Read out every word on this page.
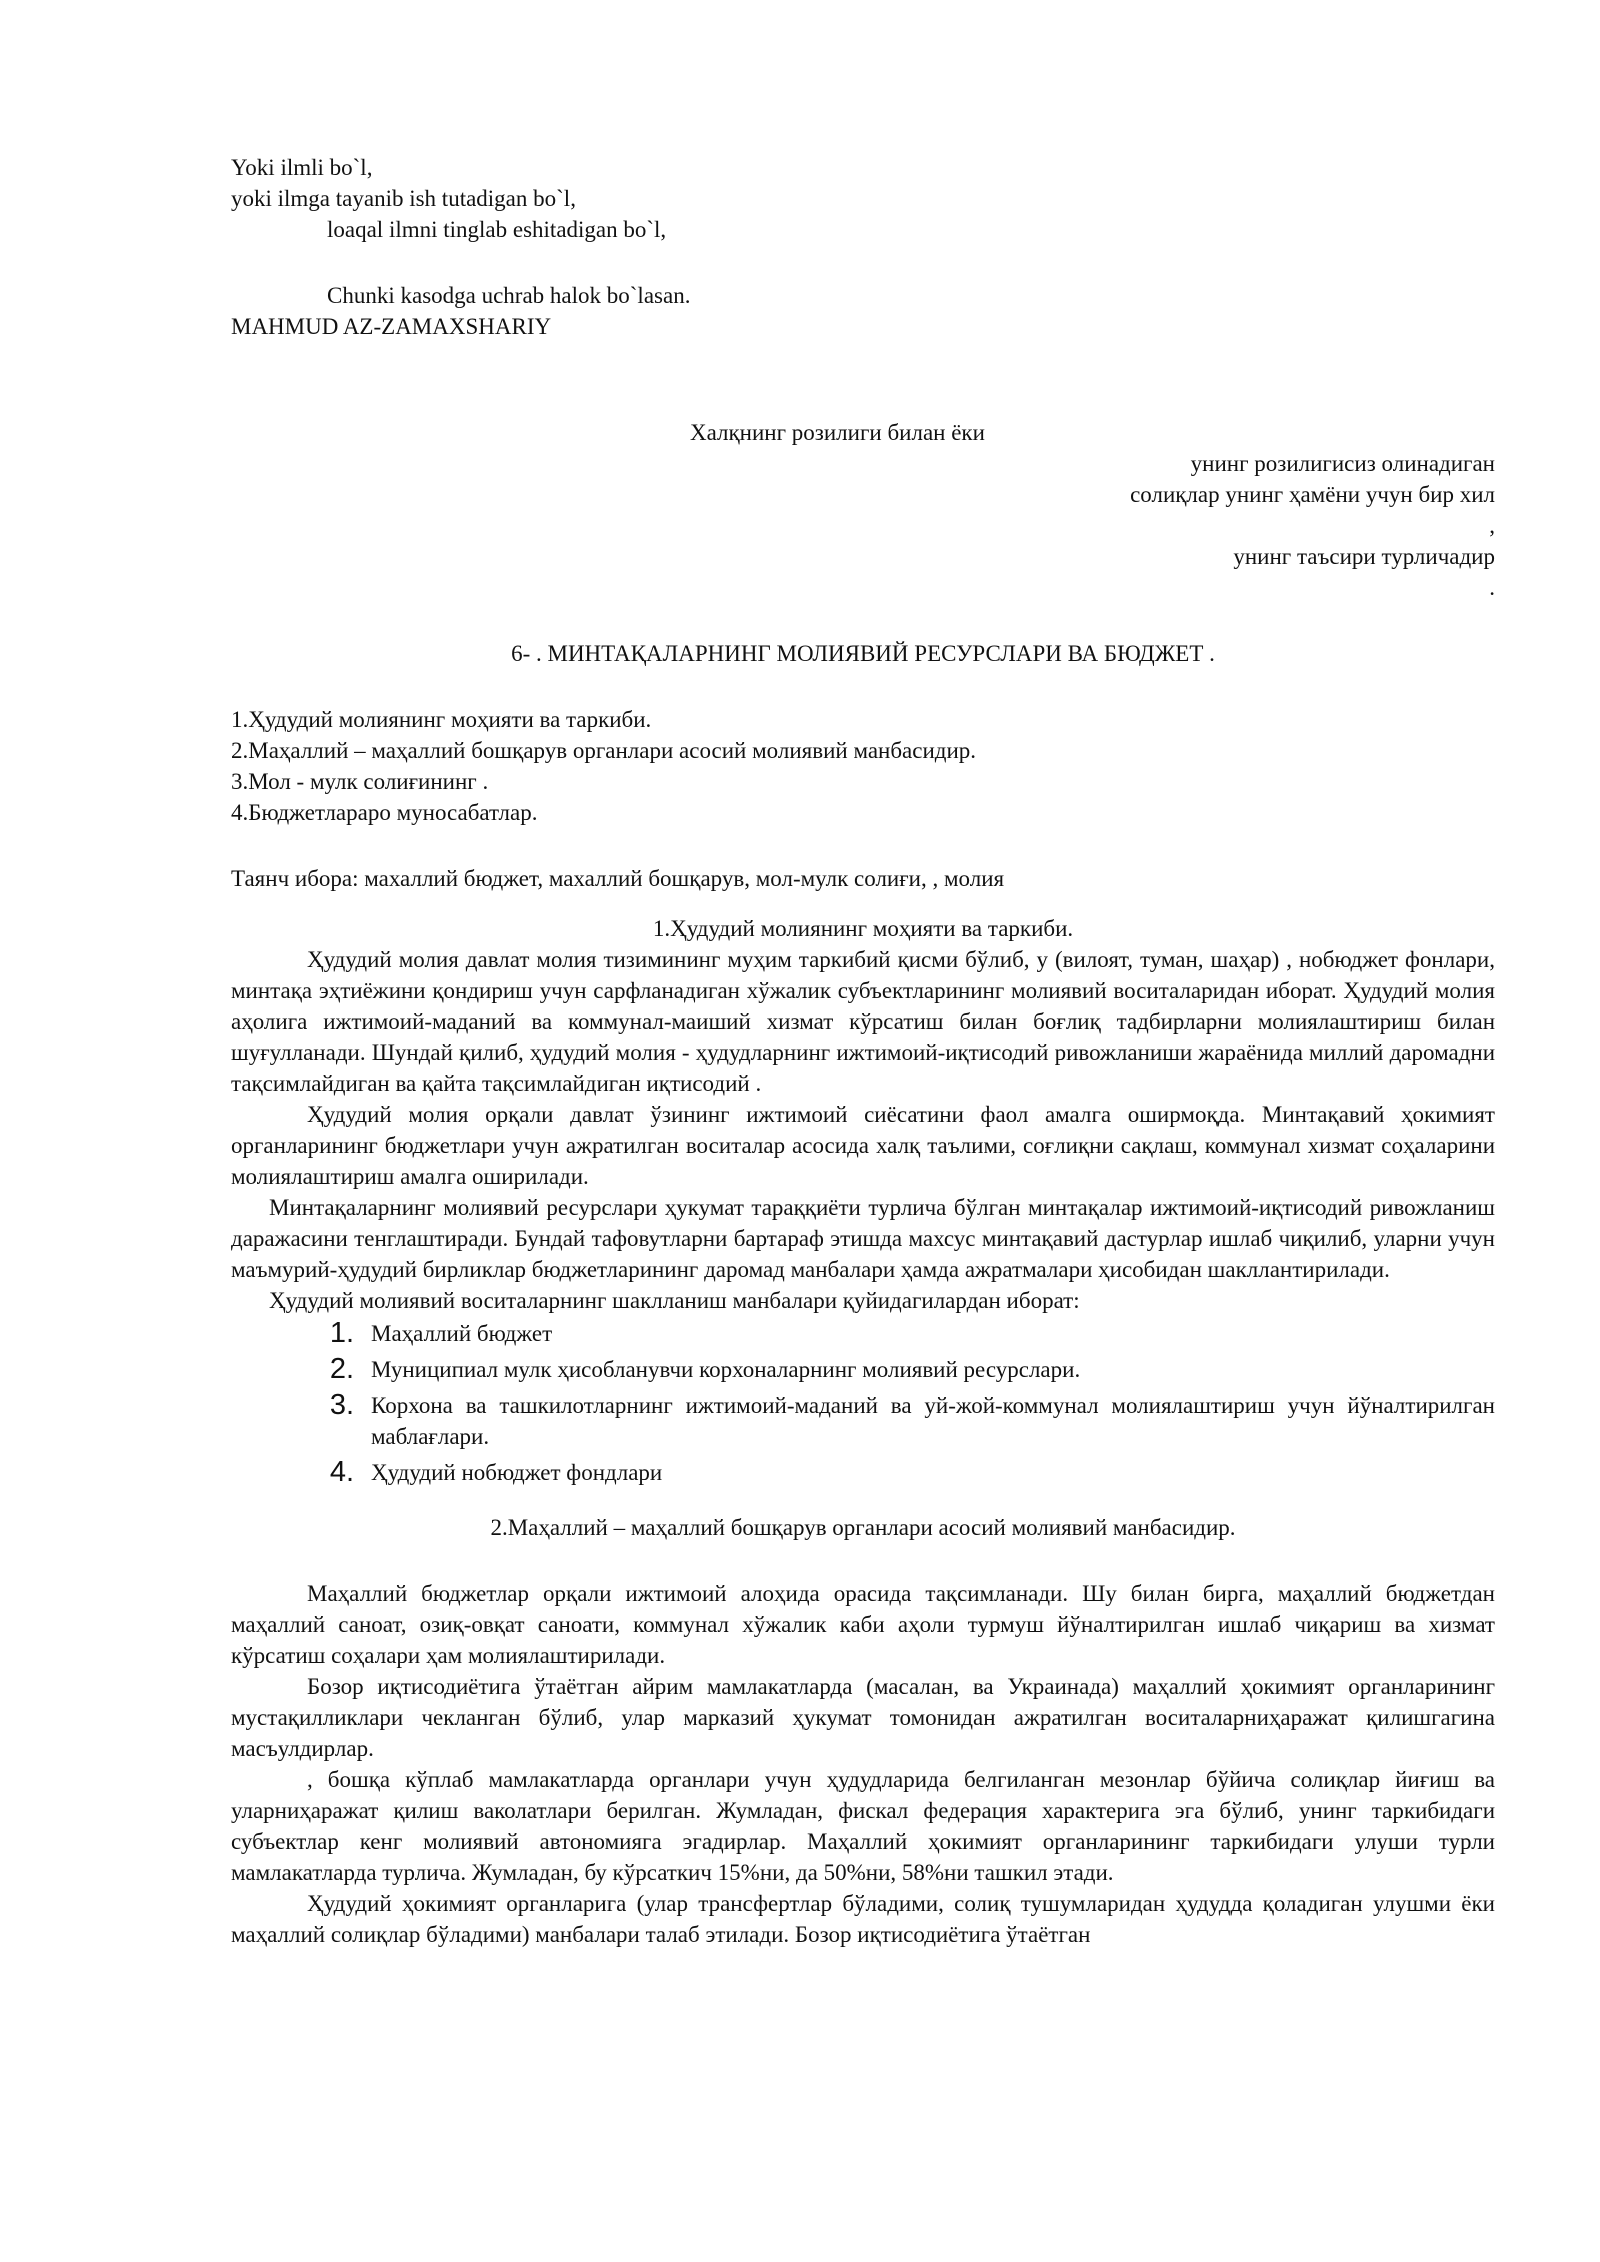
Yoki ilmli bo`l,
yoki ilmga tayanib ish tutadigan bo`l,
loaqal ilmni tinglab eshitadigan bo`l,
Chunki kasodga uchrab halok bo`lasan.
MAHMUD AZ-ZAMAXSHARIY
Халқнинг розилиги билан ёки
унинг розилигисиз олинадиган
солиқлар унинг ҳамёни учун бир хил
,
унинг таъсири турличадир
.
6- . МИНТАҚАЛАРНИНГ МОЛИЯВИЙ РЕСУРСЛАРИ ВА БЮДЖЕТ .
1.Ҳудудий молиянинг моҳияти ва таркиби.
2.Маҳаллий – маҳаллий бошқарув органлари асосий молиявий манбасидир.
3.Мол - мулк солиғининг .
4.Бюджетлараро муносабатлар.
Таянч ибора: махаллий бюджет, махаллий бошқарув, мол-мулк солиғи, , молия
1.Ҳудудий молиянинг моҳияти ва таркиби.
Ҳудудий молия давлат молия тизимининг муҳим таркибий қисми бўлиб, у (вилоят, туман, шаҳар) , нобюджет фонлари, минтақа эҳтиёжини қондириш учун сарфланадиган хўжалик субъектларининг молиявий воситаларидан иборат. Ҳудудий молия аҳолига ижтимоий-маданий ва коммунал-маиший хизмат кўрсатиш билан боғлиқ тадбирларни молиялаштириш билан шуғулланади. Шундай қилиб, ҳудудий молия - ҳудудларнинг ижтимоий-иқтисодий ривожланиши жараёнида миллий даромадни тақсимлайдиган ва қайта тақсимлайдиган иқтисодий .
Ҳудудий молия орқали давлат ўзининг ижтимоий сиёсатини фаол амалга оширмоқда. Минтақавий ҳокимият органларининг бюджетлари учун ажратилган воситалар асосида халқ таълими, соғлиқни сақлаш, коммунал хизмат соҳаларини молиялаштириш амалга оширилади.
Минтақаларнинг молиявий ресурслари ҳукумат тараққиёти турлича бўлган минтақалар ижтимоий-иқтисодий ривожланиш даражасини тенглаштиради. Бундай тафовутларни бартараф этишда махсус минтақавий дастурлар ишлаб чиқилиб, уларни учун маъмурий-ҳудудий бирликлар бюджетларининг даромад манбалари ҳамда ажратмалари ҳисобидан шакллантирилади.
Ҳудудий молиявий воситаларнинг шаклланиш манбалари қуйидагилардан иборат:
1. Маҳаллий бюджет
2. Муниципиал мулк ҳисобланувчи корхоналарнинг молиявий ресурслари.
3. Корхона ва ташкилотларнинг ижтимоий-маданий ва уй-жой-коммунал молиялаштириш учун йўналтирилган маблағлари.
4. Ҳудудий нобюджет фондлари
2.Маҳаллий – маҳаллий бошқарув органлари асосий молиявий манбасидир.
Маҳаллий бюджетлар орқали ижтимоий алоҳида орасида тақсимланади. Шу билан бирга, маҳаллий бюджетдан маҳаллий саноат, озиқ-овқат саноати, коммунал хўжалик каби аҳоли турмуш йўналтирилган ишлаб чиқариш ва хизмат кўрсатиш соҳалари ҳам молиялаштирилади.
Бозор иқтисодиётига ўтаётган айрим мамлакатларда (масалан, ва Украинада) маҳаллий ҳокимият органларининг мустақилликлари чекланган бўлиб, улар марказий ҳукумат томонидан ажратилган воситаларниҳаражат қилишгагина масъулдирлар.
, бошқа кўплаб мамлакатларда органлари учун ҳудудларида белгиланган мезонлар бўйича солиқлар йиғиш ва уларниҳаражат қилиш ваколатлари берилган. Жумладан, фискал федерация характерига эга бўлиб, унинг таркибидаги субъектлар кенг молиявий автономияга эгадирлар. Маҳаллий ҳокимият органларининг таркибидаги улуши турли мамлакатларда турлича. Жумладан, бу кўрсаткич 15%ни, да 50%ни, 58%ни ташкил этади.
Ҳудудий ҳокимият органларига (улар трансфертлар бўладими, солиқ тушумларидан ҳудудда қоладиган улушми ёки маҳаллий солиқлар бўладими) манбалари талаб этилади. Бозор иқтисодиётига ўтаётган
